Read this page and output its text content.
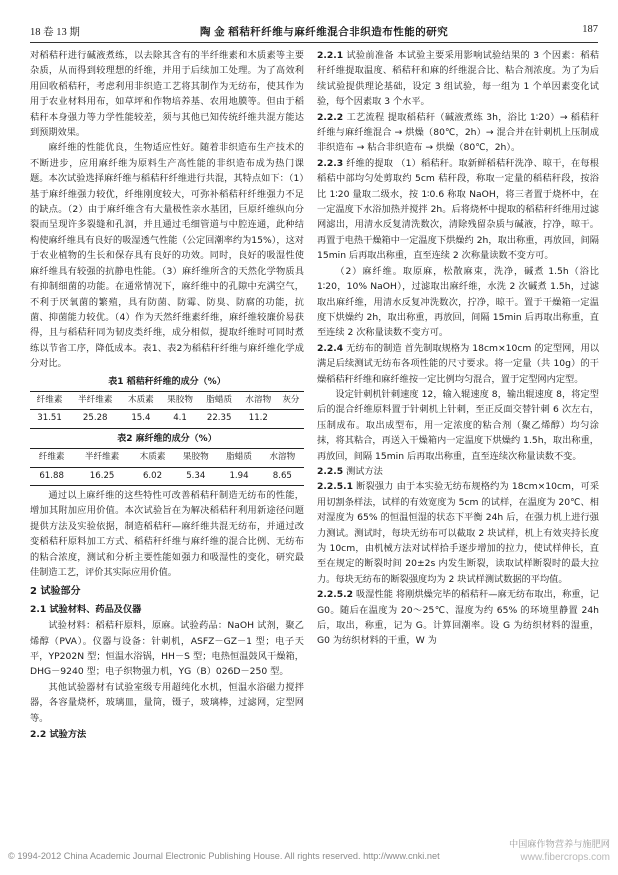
18 卷 13 期	陶 金 稻秸秆纤维与麻纤维混合非织造布性能的研究	187

对稻秸秆进行碱液煮练，以去除其含有的半纤维素和木质素等主要杂质，从而得到较理想的纤维，并用于后续加工处理。为了高效利用回收稻秸秆，考虑利用非织造工艺将其制作为无纺布，使其作为用于农业材料用布，如草坪和作物培养基、农用地膜等。但由于稻秸秆本身强力等力学性能较差，须与其他已知传统纤维共混方能达到预期效果。

麻纤维的性能优良，生物适应性好。随着非织造布生产技术的不断进步，应用麻纤维为原料生产高性能的非织造布成为热门课题。本次试验选择麻纤维与稻秸秆纤维进行共混，其特点如下：（1）基于麻纤维强力较优，纤维刚度较大，可弥补稻秸秆纤维强力不足的缺点。（2）由于麻纤维含有大量极性亲水基团，巨原纤维纵向分裂而呈现许多裂缝和孔洞，并且通过毛细管道与中腔连通，此种结构使麻纤维具有良好的吸湿透气性能（公定回潮率约为15%），这对于农业植物的生长和保存具有良好的功效。同时，良好的吸湿性使麻纤维具有较强的抗静电性能。（3）麻纤维所含的天然化学物质具有抑制细菌的功能。在通常情况下，麻纤维中的孔隙中充满空气，不利于厌氧菌的繁殖，具有防菌、防霉、防臭、防腐的功能，抗菌、抑菌能力较优。（4）作为天然纤维素纤维，麻纤维较廉价易获得，且与稻秸秆同为韧皮类纤维，成分相似，提取纤维时可同时煮练以节省工序，降低成本。表1、表2为稻秸秆纤维与麻纤维化学成分对比。

表1 稻秸秆纤维的成分（%）
纤维素	半纤维素	木质素	果胶物	脂蜡质	水溶物	灰分
31.51	25.28	15.4	4.1	22.35	11.2	
表2 麻纤维的成分（%）
纤维素	半纤维素	木质素	果胶物	脂蜡质	水溶物
61.88	16.25	6.02	5.34	1.94	8.65

通过以上麻纤维的这些特性可改善稻秸秆制造无纺布的性能，增加其附加应用价值。本次试验旨在为解决稻秸秆利用新途径问题提供方法及实验依据，制造稻秸秆—麻纤维共混无纺布，并通过改变稻秸秆原料加工方式、稻秸秆纤维与麻纤维的混合比例、无纺布的粘合浓度，测试和分析主要性能如强力和吸湿性的变化，研究最佳制造工艺，评价其实际应用价值。

2 试验部分
2.1 试验材料、药品及仪器

试验材料：稻秸秆原料，原麻。试验药品：NaOH 试剂，聚乙烯醇（PVA）。仪器与设备：针刺机，ASFZ－GZ－1 型；电子天平，YP202N 型；恒温水浴锅，HH－S 型；电热恒温鼓风干燥箱，DHG－9240 型；电子织物强力机，YG（B）026D－250 型。

其他试验器材有试验室级专用超纯化水机，恒温水浴磁力搅拌器，各容量烧杯，玻璃皿，量筒，镊子，玻璃棒，过滤网，定型网等。

2.2 试验方法

2.2.1 试验前准备 本试验主要采用影响试验结果的 3 个因素：稻秸秆纤维提取温度、稻秸秆和麻的纤维混合比、粘合剂浓度。为了为后续试验提供理论基础，设定 3 组试验，每一组为 1 个单因素变化试验，每个因素取 3 个水平。

2.2.2 工艺流程 提取稻秸秆（碱液煮练 3h，浴比 1∶20）→ 稻秸秆纤维与麻纤维混合 → 烘燥（80℃，2h）→ 混合并在针刺机上压制成非织造布 → 粘合非织造布 → 烘燥（80℃，2h）。

2.2.3 纤维的提取 （1）稻秸秆。取新鲜稻秸秆洗净、晾干，在每根稻秸中部均匀处剪取约 5cm 秸秆段，称取一定量的稻秸秆段，按浴比 1∶20 量取二级水，按 1∶0.6 称取 NaOH，将三者置于烧杯中，在一定温度下水浴加热并搅拌 2h。后将烧杯中提取的稻秸秆纤维用过滤网滤出，用清水反复清洗数次，清除残留杂质与碱液，拧净，晾干。再置于电热干燥箱中一定温度下烘燥约 2h，取出称重，再放回，间隔 15min 后再取出称重，直至连续 2 次称量读数不变方可。

（2）麻纤维。取原麻，松散麻束，洗净，碱煮 1.5h（浴比 1∶20，10% NaOH），过滤取出麻纤维，水洗 2 次碱煮 1.5h，过滤取出麻纤维，用清水反复冲洗数次，拧净，晾干。置于干燥箱一定温度下烘燥约 2h，取出称重，再放回，间隔 15min 后再取出称重，直至连续 2 次称量读数不变方可。

2.2.4 无纺布的制造 首先制取规格为 18cm×10cm 的定型网，用以满足后续测试无纺布各项性能的尺寸要求。将一定量（共 10g）的干燥稻秸秆纤维和麻纤维按一定比例均匀混合，置于定型网内定型。

设定针刺机针刺速度 12，输入辊速度 8，输出辊速度 8，将定型后的混合纤维原料置于针刺机上针刺，至正反面交替针刺 6 次左右，压制成布。取出成型布，用一定浓度的粘合剂（聚乙烯醇）均匀涂抹，将其粘合，再送入干燥箱内一定温度下烘燥约 1.5h，取出称重，再放回，间隔 15min 后再取出称重，直至连续次称量读数不变。

2.2.5 测试方法

2.2.5.1 断裂强力 由于本实验无纺布规格约为 18cm×10cm，可采用切割条样法，试样的有效宽度为 5cm 的试样，在温度为 20℃、相对湿度为 65% 的恒温恒湿的状态下平衡 24h 后，在强力机上进行强力测试。测试时，每块无纺布可以截取 2 块试样，机上有效夹持长度为 10cm，由机械方法对试样拾手逐步增加的拉力，使试样伸长，直至在规定的断裂时间 20±2s 内发生断裂，读取试样断裂时的最大拉力。每块无纺布的断裂强度均为 2 块试样测试数据的平均值。

2.2.5.2 吸湿性能 将刚烘燥完毕的稻秸秆—麻无纺布取出，称重，记 G0。随后在温度为 20～25℃、湿度为约 65% 的环境里静置 24h 后，取出，称重，记为 G。计算回潮率。设 G 为纺织材料的湿重，G0 为纺织材料的干重，W 为

中国麻作物营养与施肥网
www.fibercrops.com
© 1994-2012 China Academic Journal Electronic Publishing House. All rights reserved. http://www.cnki.net
